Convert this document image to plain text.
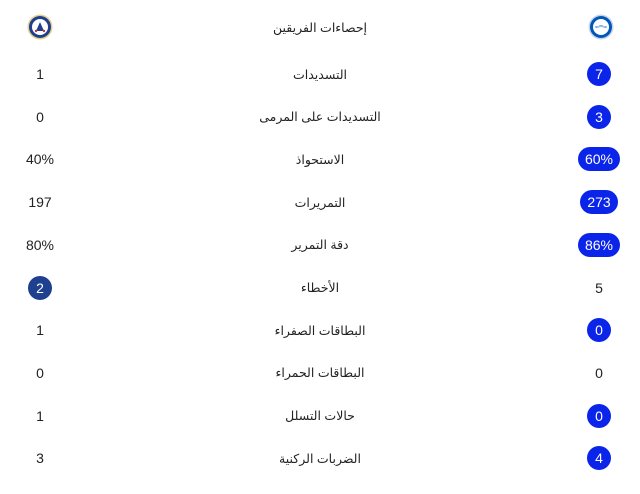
إحصاءات الفريقين
1	التسديدات	7
0	التسديدات على المرمى	3
40%	الاستحواذ	60%
197	التمريرات	273
80%	دقة التمرير	86%
2	الأخطاء	5
1	البطاقات الصفراء	0
0	البطاقات الحمراء	0
1	حالات التسلل	0
3	الضربات الركنية	4
